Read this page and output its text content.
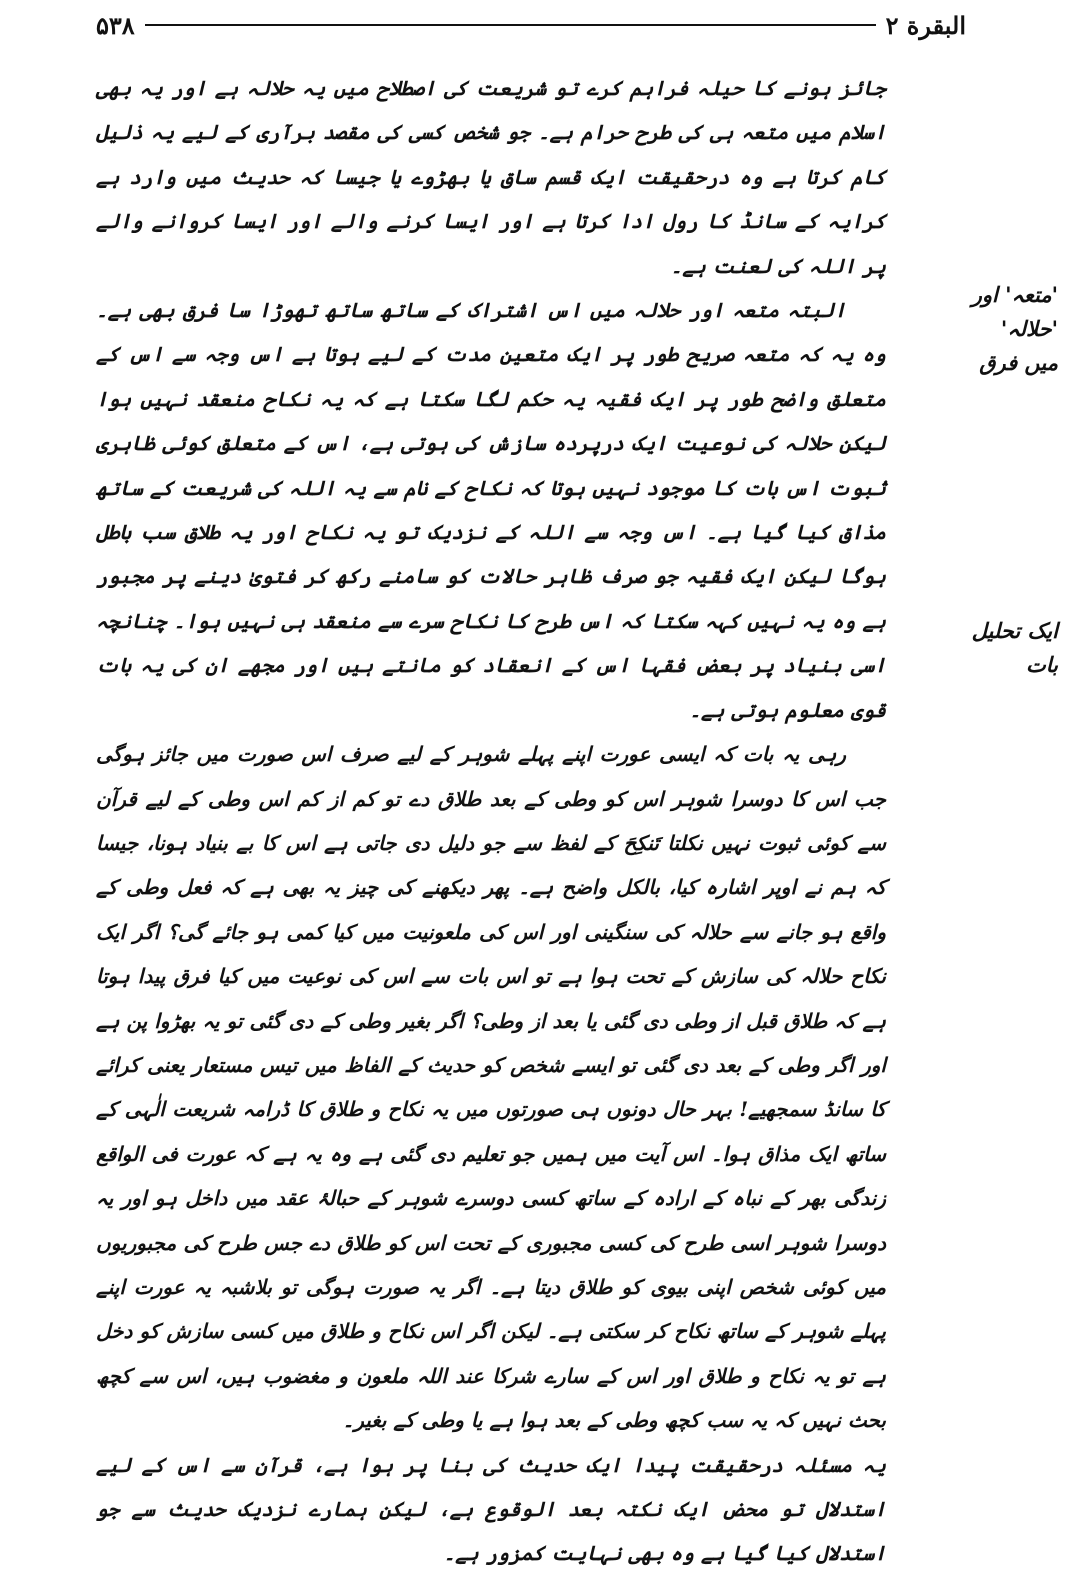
۵۳۸	البقرة ۲
'متعہ' اور
'حلالہ'
میں فرق
ایک تحلیل
بات

جائز ہونے کا حیلہ فراہم کرے تو شریعت کی اصطلاح میں یہ حلالہ ہے اور یہ بھی اسلام میں متعہ ہی کی طرح حرام ہے۔ جو شخص کسی کی مقصد برآری کے لیے یہ ذلیل کام کرتا ہے وہ درحقیقت ایک قسم ساق یا بھڑوے یا جیسا کہ حدیث میں وارد ہے کرایہ کے سانڈ کا رول ادا کرتا ہے اور ایسا کرنے والے اور ایسا کروانے والے پر اللہ کی لعنت ہے۔

البتہ متعہ اور حلالہ میں اس اشتراک کے ساتھ ساتھ تھوڑا سا فرق بھی ہے۔ وہ یہ کہ متعہ صریح طور پر ایک متعین مدت کے لیے ہوتا ہے اس وجہ سے اس کے متعلق واضح طور پر ایک فقیہ یہ حکم لگا سکتا ہے کہ یہ نکاح منعقد نہیں ہوا لیکن حلالہ کی نوعیت ایک درپردہ سازش کی ہوتی ہے، اس کے متعلق کوئی ظاہری ثبوت اس بات کا موجود نہیں ہوتا کہ نکاح کے نام سے یہ اللہ کی شریعت کے ساتھ مذاق کیا گیا ہے۔ اس وجہ سے اللہ کے نزدیک تو یہ نکاح اور یہ طلاق سب باطل ہوگا لیکن ایک فقیہ جو صرف ظاہر حالات کو سامنے رکھ کر فتویٰ دینے پر مجبور ہے وہ یہ نہیں کہہ سکتا کہ اس طرح کا نکاح سرے سے منعقد ہی نہیں ہوا۔ چنانچہ اسی بنیاد پر بعض فقہا اس کے انعقاد کو مانتے ہیں اور مجھے ان کی یہ بات قوی معلوم ہوتی ہے۔

رہی یہ بات کہ ایسی عورت اپنے پہلے شوہر کے لیے صرف اس صورت میں جائز ہوگی جب اس کا دوسرا شوہر اس کو وطی کے بعد طلاق دے تو کم از کم اس وطی کے لیے قرآن سے کوئی ثبوت نہیں نکلتا تَنكِحَ کے لفظ سے جو دلیل دی جاتی ہے اس کا بے بنیاد ہونا، جیسا کہ ہم نے اوپر اشارہ کیا، بالکل واضح ہے۔ پھر دیکھنے کی چیز یہ بھی ہے کہ فعل وطی کے واقع ہو جانے سے حلالہ کی سنگینی اور اس کی ملعونیت میں کیا کمی ہو جائے گی؟ اگر ایک نکاح حلالہ کی سازش کے تحت ہوا ہے تو اس بات سے اس کی نوعیت میں کیا فرق پیدا ہوتا ہے کہ طلاق قبل از وطی دی گئی یا بعد از وطی؟ اگر بغیر وطی کے دی گئی تو یہ بھڑوا پن ہے اور اگر وطی کے بعد دی گئی تو ایسے شخص کو حدیث کے الفاظ میں تیس مستعار یعنی کرائے کا سانڈ سمجھیے! بہر حال دونوں ہی صورتوں میں یہ نکاح و طلاق کا ڈرامہ شریعت الٰہی کے ساتھ ایک مذاق ہوا۔ اس آیت میں ہمیں جو تعلیم دی گئی ہے وہ یہ ہے کہ عورت فی الواقع زندگی بھر کے نباہ کے ارادہ کے ساتھ کسی دوسرے شوہر کے حبالۂ عقد میں داخل ہو اور یہ دوسرا شوہر اسی طرح کی کسی مجبوری کے تحت اس کو طلاق دے جس طرح کی مجبوریوں میں کوئی شخص اپنی بیوی کو طلاق دیتا ہے۔ اگر یہ صورت ہوگی تو بلاشبہ یہ عورت اپنے پہلے شوہر کے ساتھ نکاح کر سکتی ہے۔ لیکن اگر اس نکاح و طلاق میں کسی سازش کو دخل ہے تو یہ نکاح و طلاق اور اس کے سارے شرکا عند اللہ ملعون و مغضوب ہیں، اس سے کچھ بحث نہیں کہ یہ سب کچھ وطی کے بعد ہوا ہے یا وطی کے بغیر۔

یہ مسئلہ درحقیقت پیدا ایک حدیث کی بنا پر ہوا ہے، قرآن سے اس کے لیے استدلال تو محض ایک نکتہ بعد الوقوع ہے، لیکن ہمارے نزدیک حدیث سے جو استدلال کیا گیا ہے وہ بھی نہایت کمزور ہے۔
